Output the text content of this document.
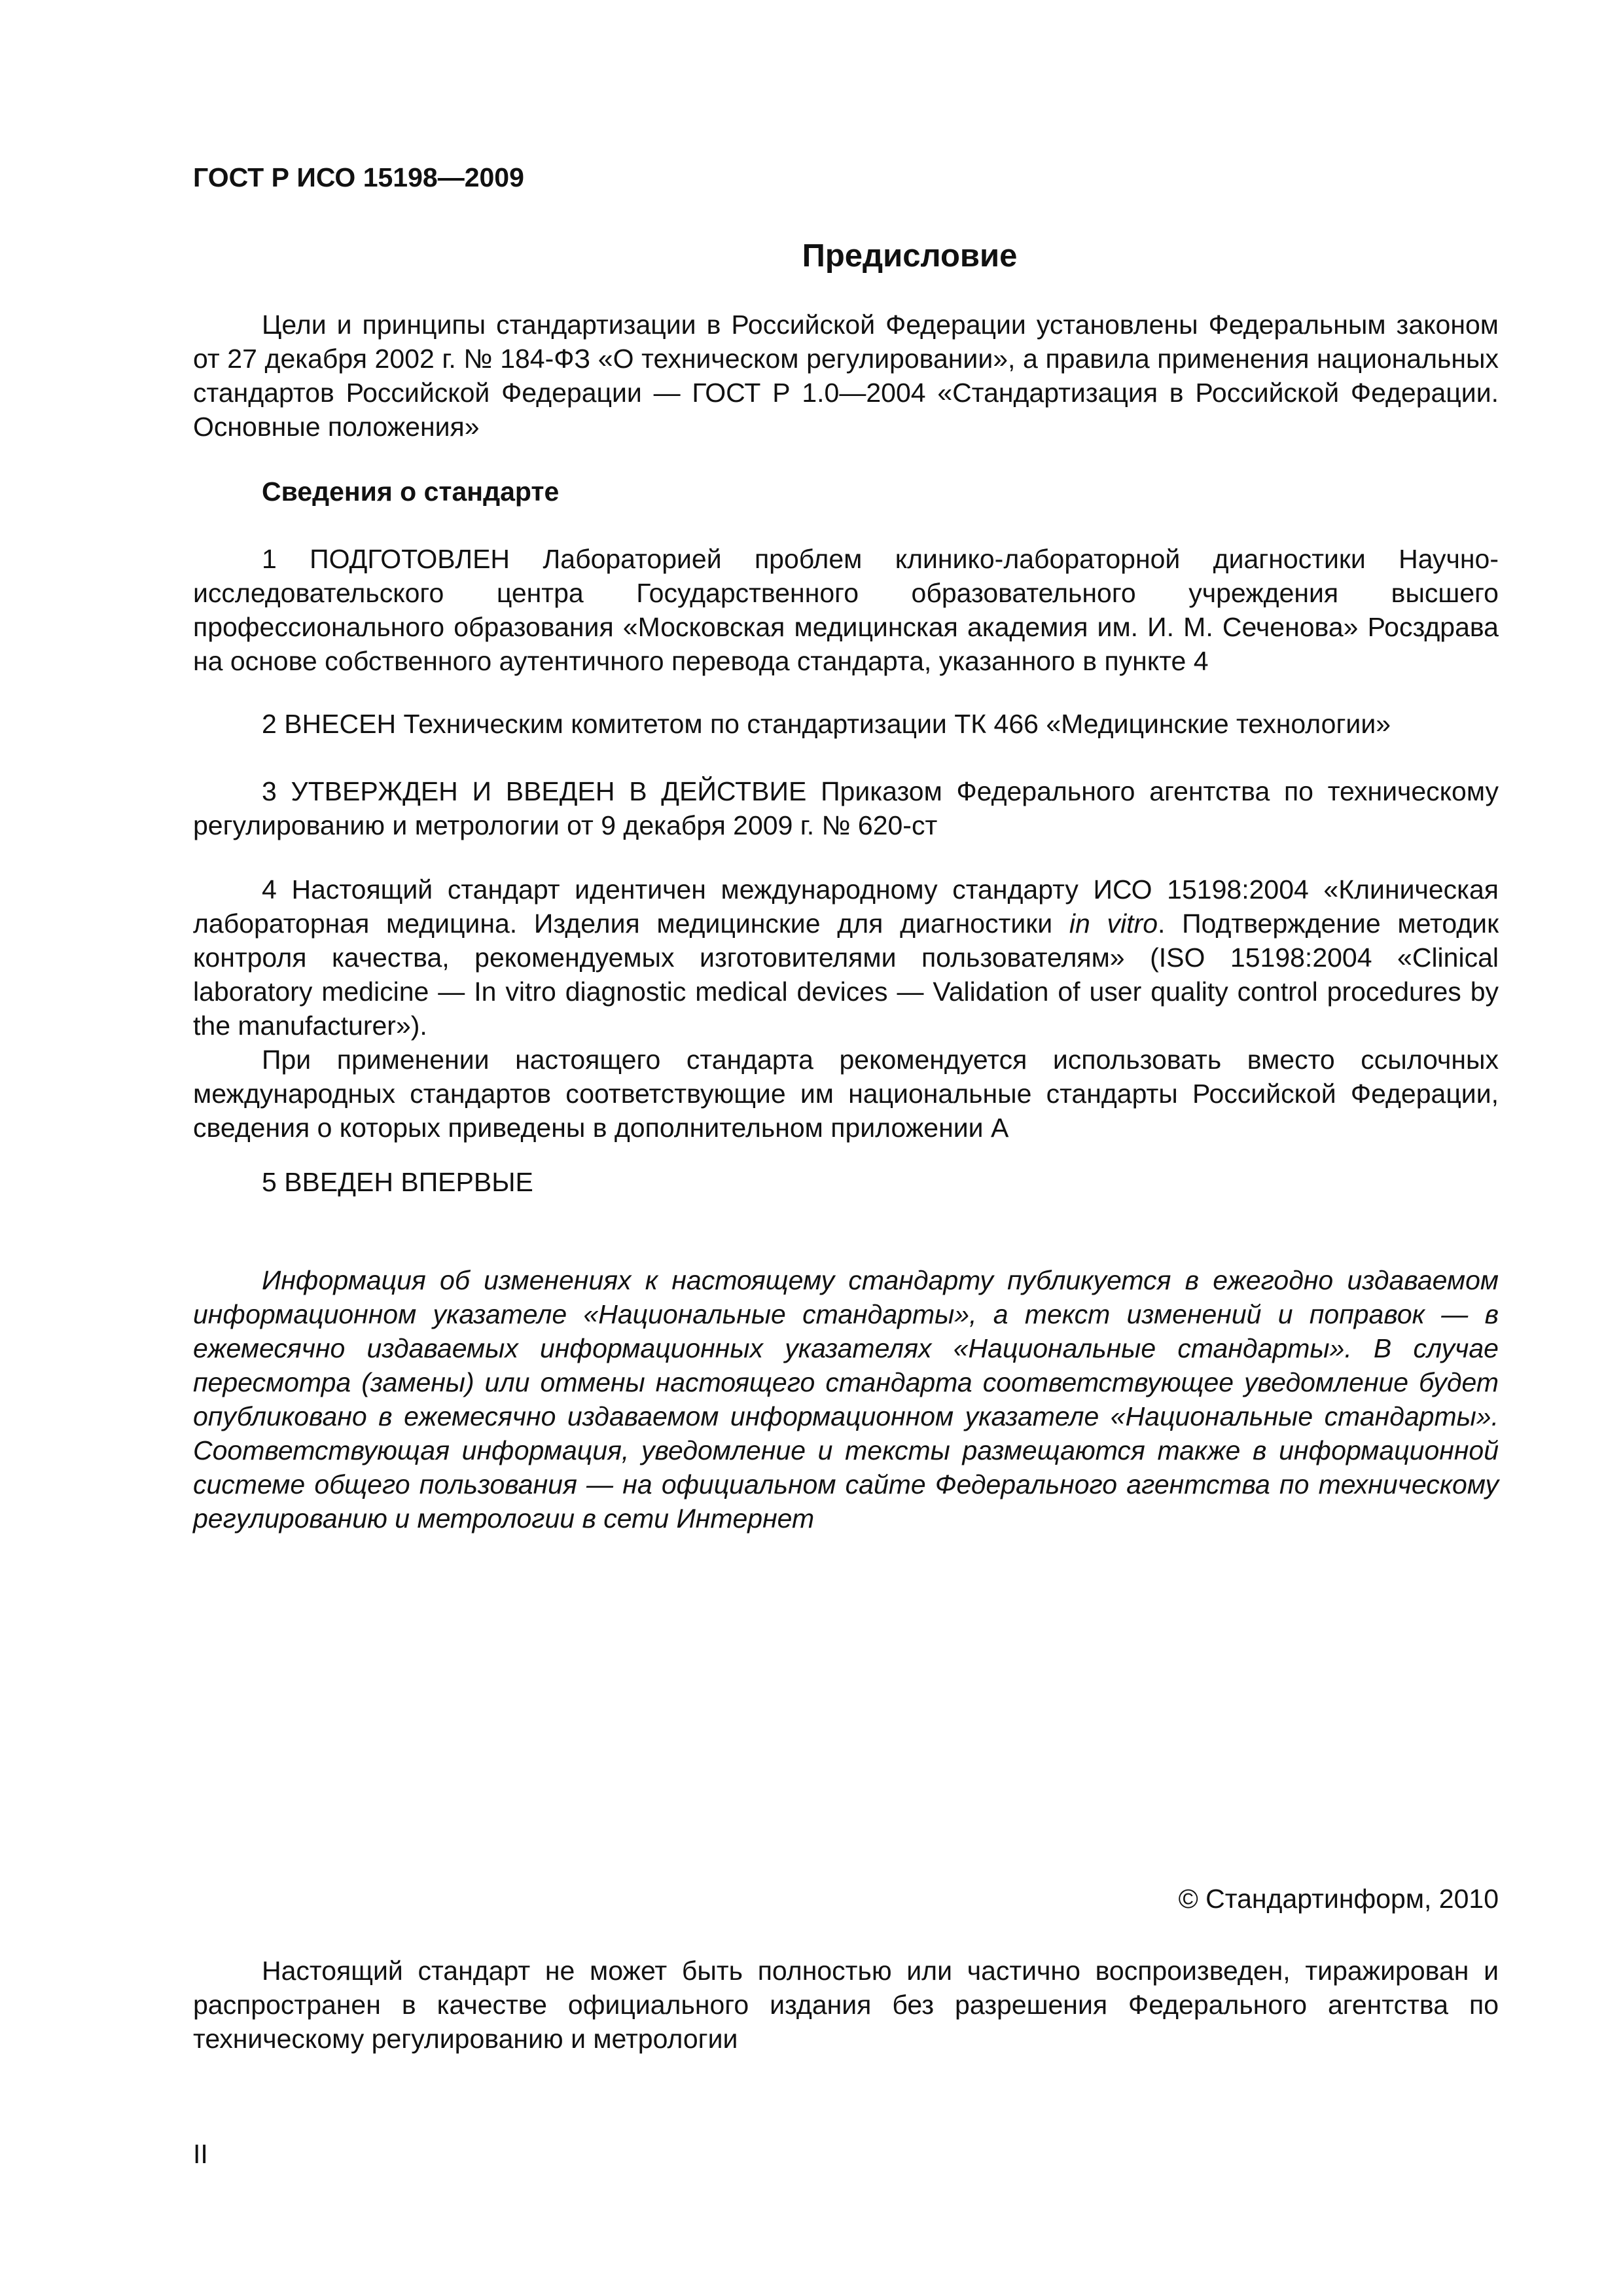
ГОСТ Р ИСО 15198—2009
Предисловие

Цели и принципы стандартизации в Российской Федерации установлены Федеральным законом от 27 декабря 2002 г. № 184-ФЗ «О техническом регулировании», а правила применения национальных стандартов Российской Федерации — ГОСТ Р 1.0—2004 «Стандартизация в Российской Федерации. Основные положения»

Сведения о стандарте

1 ПОДГОТОВЛЕН Лабораторией проблем клинико-лабораторной диагностики Научно-исследовательского центра Государственного образовательного учреждения высшего профессионального образования «Московская медицинская академия им. И. М. Сеченова» Росздрава на основе собственного аутентичного перевода стандарта, указанного в пункте 4

2 ВНЕСЕН Техническим комитетом по стандартизации ТК 466 «Медицинские технологии»

3 УТВЕРЖДЕН И ВВЕДЕН В ДЕЙСТВИЕ Приказом Федерального агентства по техническому регулированию и метрологии от 9 декабря 2009 г. № 620-ст

4 Настоящий стандарт идентичен международному стандарту ИСО 15198:2004 «Клиническая лабораторная медицина. Изделия медицинские для диагностики in vitro. Подтверждение методик контроля качества, рекомендуемых изготовителями пользователям» (ISO 15198:2004 «Clinical laboratory medicine — In vitro diagnostic medical devices — Validation of user quality control procedures by the manufacturer»).

При применении настоящего стандарта рекомендуется использовать вместо ссылочных международных стандартов соответствующие им национальные стандарты Российской Федерации, сведения о которых приведены в дополнительном приложении А

5 ВВЕДЕН ВПЕРВЫЕ

Информация об изменениях к настоящему стандарту публикуется в ежегодно издаваемом информационном указателе «Национальные стандарты», а текст изменений и поправок — в ежемесячно издаваемых информационных указателях «Национальные стандарты». В случае пересмотра (замены) или отмены настоящего стандарта соответствующее уведомление будет опубликовано в ежемесячно издаваемом информационном указателе «Национальные стандарты». Соответствующая информация, уведомление и тексты размещаются также в информационной системе общего пользования — на официальном сайте Федерального агентства по техническому регулированию и метрологии в сети Интернет

© Стандартинформ, 2010

Настоящий стандарт не может быть полностью или частично воспроизведен, тиражирован и распространен в качестве официального издания без разрешения Федерального агентства по техническому регулированию и метрологии

II
